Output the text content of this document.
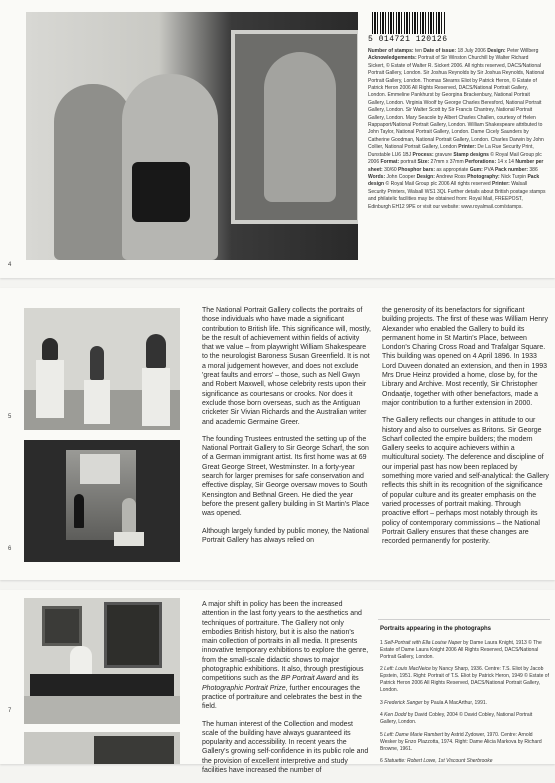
4
5 014721 120126

Number of stamps: ten Date of issue: 18 July 2006 Design: Peter Willberg Acknowledgements: Portrait of Sir Winston Churchill by Walter Richard Sickert, © Estate of Walter R. Sickert 2006. All rights reserved, DACS/National Portrait Gallery, London. Sir Joshua Reynolds by Sir Joshua Reynolds, National Portrait Gallery, London. Thomas Stearns Eliot by Patrick Heron, © Estate of Patrick Heron 2006 All Rights Reserved, DACS/National Portrait Gallery, London. Emmeline Pankhurst by Georgina Brackenbury, National Portrait Gallery, London. Virginia Woolf by George Charles Beresford, National Portrait Gallery, London. Sir Walter Scott by Sir Francis Chantrey, National Portrait Gallery, London. Mary Seacole by Albert Charles Challen, courtesy of Helen Rappaport/National Portrait Gallery, London. William Shakespeare attributed to John Taylor, National Portrait Gallery, London. Dame Cicely Saunders by Catherine Goodman, National Portrait Gallery, London. Charles Darwin by John Collier, National Portrait Gallery, London Printer: De La Rue Security Print, Dunstable LU6 1BJ Process: gravure Stamp designs © Royal Mail Group plc 2006 Format: portrait Size: 27mm x 37mm Perforations: 14 x 14 Number per sheet: 30/60 Phosphor bars: as appropriate Gum: PVA Pack number: 386 Words: John Cooper Design: Andrew Ross Photography: Nick Turpin Pack design © Royal Mail Group plc 2006 All rights reserved Printer: Walsall Security Printers, Walsall WS1 3QL Further details about British postage stamps and philatelic facilities may be obtained from: Royal Mail, FREEPOST, Edinburgh EH12 9PE or visit our website: www.royalmail.com/stamps.

5
6

The National Portrait Gallery collects the portraits of those individuals who have made a significant contribution to British life. This significance will, mostly, be the result of achievement within fields of activity that we value – from playwright William Shakespeare to the neurologist Baroness Susan Greenfield. It is not a moral judgement however, and does not exclude 'great faults and errors' – those, such as Nell Gwyn and Robert Maxwell, whose celebrity rests upon their significance as courtesans or crooks. Nor does it exclude those born overseas, such as the Antiguan cricketer Sir Vivian Richards and the Australian writer and academic Germaine Greer.

The founding Trustees entrusted the setting up of the National Portrait Gallery to Sir George Scharf, the son of a German immigrant artist. Its first home was at 69 Great George Street, Westminster. In a forty-year search for larger premises for safe conservation and effective display, Sir George oversaw moves to South Kensington and Bethnal Green. He died the year before the present gallery building in St Martin's Place was opened.

Although largely funded by public money, the National Portrait Gallery has always relied on

the generosity of its benefactors for significant building projects. The first of these was William Henry Alexander who enabled the Gallery to build its permanent home in St Martin's Place, between London's Charing Cross Road and Trafalgar Square. This building was opened on 4 April 1896. In 1933 Lord Duveen donated an extension, and then in 1993 Mrs Drue Heinz provided a home, close by, for the Library and Archive. Most recently, Sir Christopher Ondaatje, together with other benefactors, made a major contribution to a further extension in 2000.

The Gallery reflects our changes in attitude to our history and also to ourselves as Britons. Sir George Scharf collected the empire builders; the modern Gallery seeks to acquire achievers within a multicultural society. The deference and discipline of our imperial past has now been replaced by something more varied and self-analytical: the Gallery reflects this shift in its recognition of the significance of popular culture and its greater emphasis on the varied processes of portrait making. Through proactive effort – perhaps most notably through its policy of contemporary commissions – the National Portrait Gallery ensures that these changes are recorded permanently for posterity.

7

A major shift in policy has been the increased attention in the last forty years to the aesthetics and techniques of portraiture. The Gallery not only embodies British history, but it is also the nation's main collection of portraits in all media. It presents innovative temporary exhibitions to explore the genre, from the small-scale didactic shows to major photographic exhibitions. It also, through prestigious competitions such as the BP Portrait Award and its Photographic Portrait Prize, further encourages the practice of portraiture and celebrates the best in the field.

The human interest of the Collection and modest scale of the building have always guaranteed its popularity and accessibility. In recent years the Gallery's growing self-confidence in its public role and the provision of excellent interpretive and study facilities have increased the number of

Portraits appearing in the photographs
1 Self-Portrait with Ella Louise Naper by Dame Laura Knight, 1913 © The Estate of Dame Laura Knight 2006 All Rights Reserved, DACS/National Portrait Gallery, London.
2 Left: Louis MacNeice by Nancy Sharp, 1936. Centre: T.S. Eliot by Jacob Epstein, 1951. Right: Portrait of T.S. Eliot by Patrick Heron, 1949 © Estate of Patrick Heron 2006 All Rights Reserved, DACS/National Portrait Gallery, London.
3 Frederick Sanger by Paula A MacArthur, 1991.
4 Ken Dodd by David Cobley, 2004 © David Cobley, National Portrait Gallery, London.
5 Left: Dame Marie Rambert by Astrid Zydower, 1970. Centre: Arnold Wesker by Enzo Plazzotta, 1974. Right: Dame Alicia Markova by Richard Browne, 1961.
6 Statuette: Robert Lowe, 1st Viscount Sherbrooke
